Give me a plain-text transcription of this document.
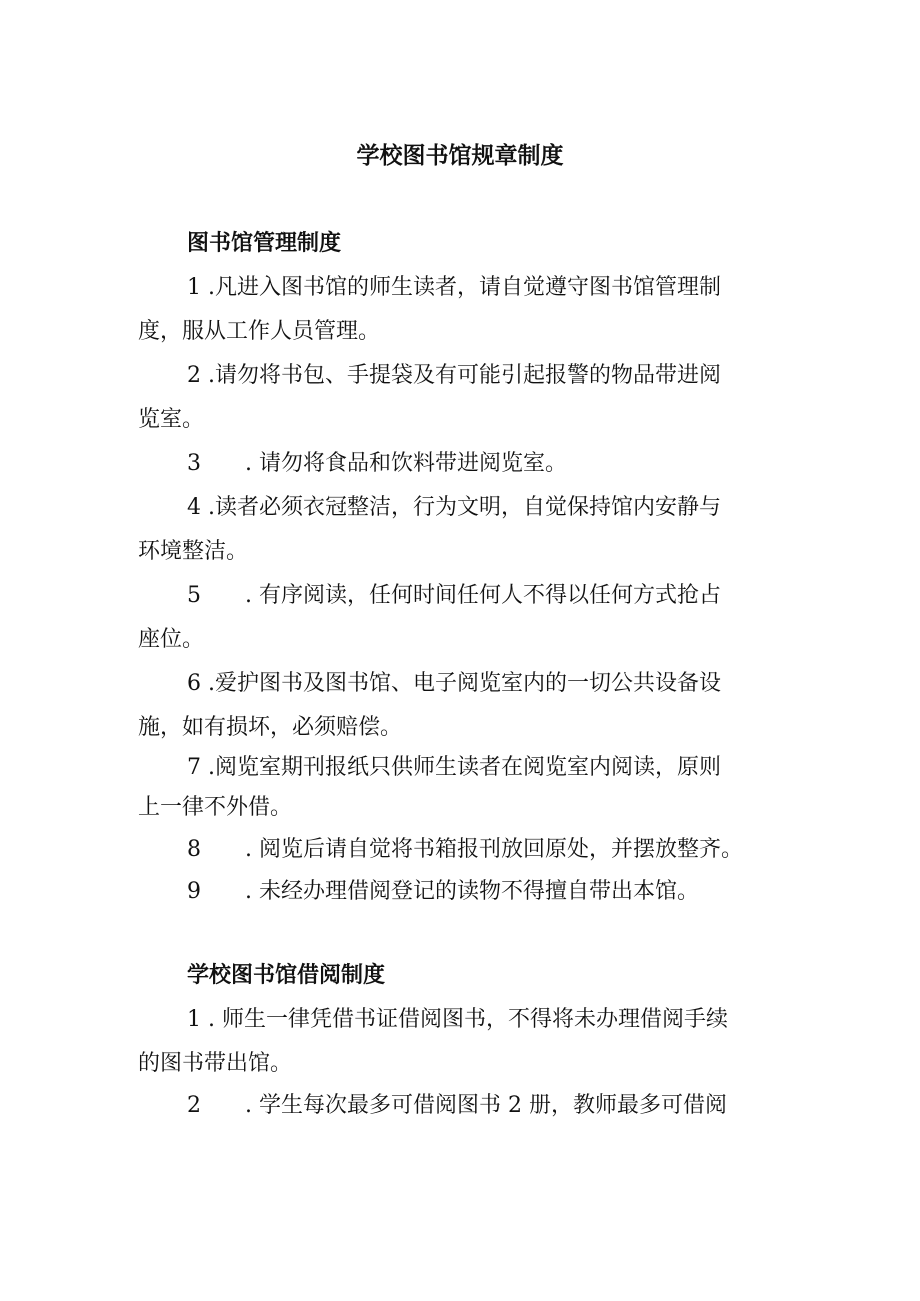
学校图书馆规章制度
图书馆管理制度
1 .凡进入图书馆的师生读者，请自觉遵守图书馆管理制
度，服从工作人员管理。
2 .请勿将书包、手提袋及有可能引起报警的物品带进阅
览室。
3 . 请勿将食品和饮料带进阅览室。
4 .读者必须衣冠整洁，行为文明，自觉保持馆内安静与
环境整洁。
5 . 有序阅读，任何时间任何人不得以任何方式抢占
座位。
6 .爱护图书及图书馆、电子阅览室内的一切公共设备设
施，如有损坏，必须赔偿。
7 .阅览室期刊报纸只供师生读者在阅览室内阅读，原则
上一律不外借。
8 . 阅览后请自觉将书箱报刊放回原处，并摆放整齐。
9 . 未经办理借阅登记的读物不得擅自带出本馆。
学校图书馆借阅制度
1 . 师生一律凭借书证借阅图书，不得将未办理借阅手续
的图书带出馆。
2 . 学生每次最多可借阅图书 2 册，教师最多可借阅
